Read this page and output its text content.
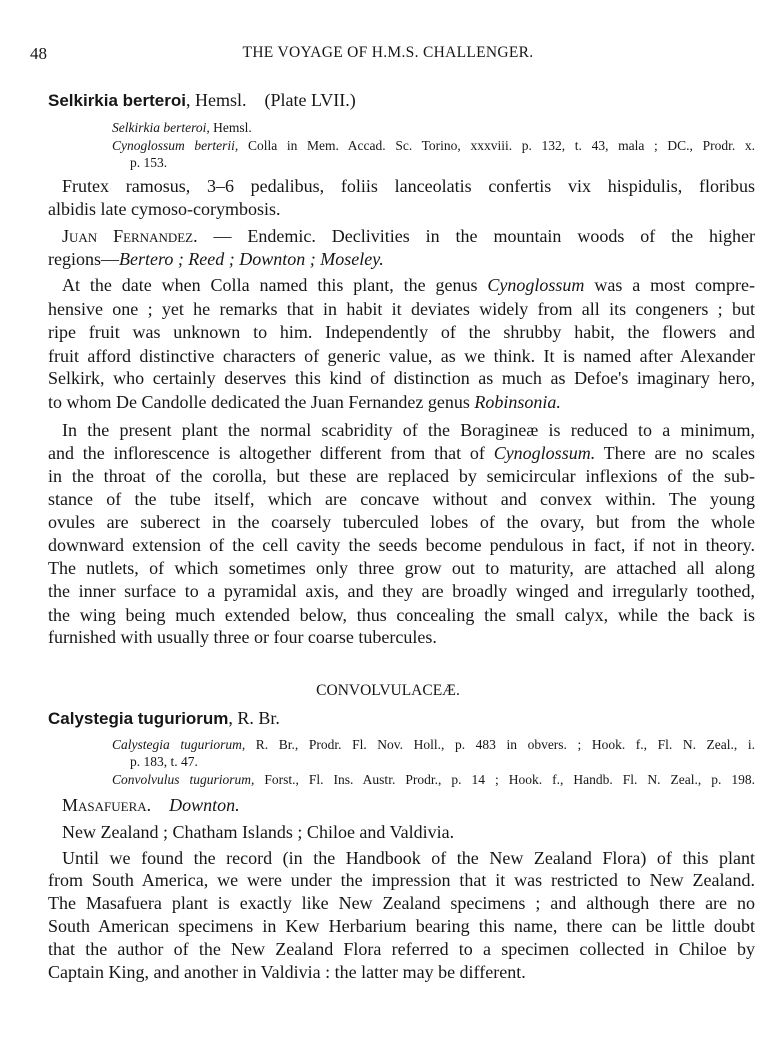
48	THE VOYAGE OF H.M.S. CHALLENGER.
CONVOLVULACEÆ.
Selkirkia berteroi, Hemsl.    (Plate LVII.)
Selkirkia berteroi, Hemsl.
Cynoglossum berterii, Colla in Mem. Accad. Sc. Torino, xxxviii. p. 132, t. 43, mala ; DC., Prodr. x.
p. 153.
Frutex ramosus, 3–6 pedalibus, foliis lanceolatis confertis vix hispidulis, floribus
albidis late cymoso-corymbosis.
Juan Fernandez. — Endemic. Declivities in the mountain woods of the higher
regions—Bertero ; Reed ; Downton ; Moseley.
At the date when Colla named this plant, the genus Cynoglossum was a most compre-
hensive one ; yet he remarks that in habit it deviates widely from all its congeners ; but
ripe fruit was unknown to him. Independently of the shrubby habit, the flowers and
fruit afford distinctive characters of generic value, as we think. It is named after Alexander
Selkirk, who certainly deserves this kind of distinction as much as Defoe's imaginary hero,
to whom De Candolle dedicated the Juan Fernandez genus Robinsonia.
In the present plant the normal scabridity of the Boragineæ is reduced to a minimum,
and the inflorescence is altogether different from that of Cynoglossum. There are no scales
in the throat of the corolla, but these are replaced by semicircular inflexions of the sub-
stance of the tube itself, which are concave without and convex within. The young
ovules are suberect in the coarsely tuberculed lobes of the ovary, but from the whole
downward extension of the cell cavity the seeds become pendulous in fact, if not in theory.
The nutlets, of which sometimes only three grow out to maturity, are attached all along
the inner surface to a pyramidal axis, and they are broadly winged and irregularly toothed,
the wing being much extended below, thus concealing the small calyx, while the back is
furnished with usually three or four coarse tubercules.
Calystegia tuguriorum, R. Br.
Calystegia tuguriorum, R. Br., Prodr. Fl. Nov. Holl., p. 483 in obvers. ; Hook. f., Fl. N. Zeal., i.
p. 183, t. 47.
Convolvulus tuguriorum, Forst., Fl. Ins. Austr. Prodr., p. 14 ; Hook. f., Handb. Fl. N. Zeal., p. 198.
Masafuera. Downton.
New Zealand ; Chatham Islands ; Chiloe and Valdivia.
Until we found the record (in the Handbook of the New Zealand Flora) of this plant
from South America, we were under the impression that it was restricted to New Zealand.
The Masafuera plant is exactly like New Zealand specimens ; and although there are no
South American specimens in Kew Herbarium bearing this name, there can be little doubt
that the author of the New Zealand Flora referred to a specimen collected in Chiloe by
Captain King, and another in Valdivia : the latter may be different.
